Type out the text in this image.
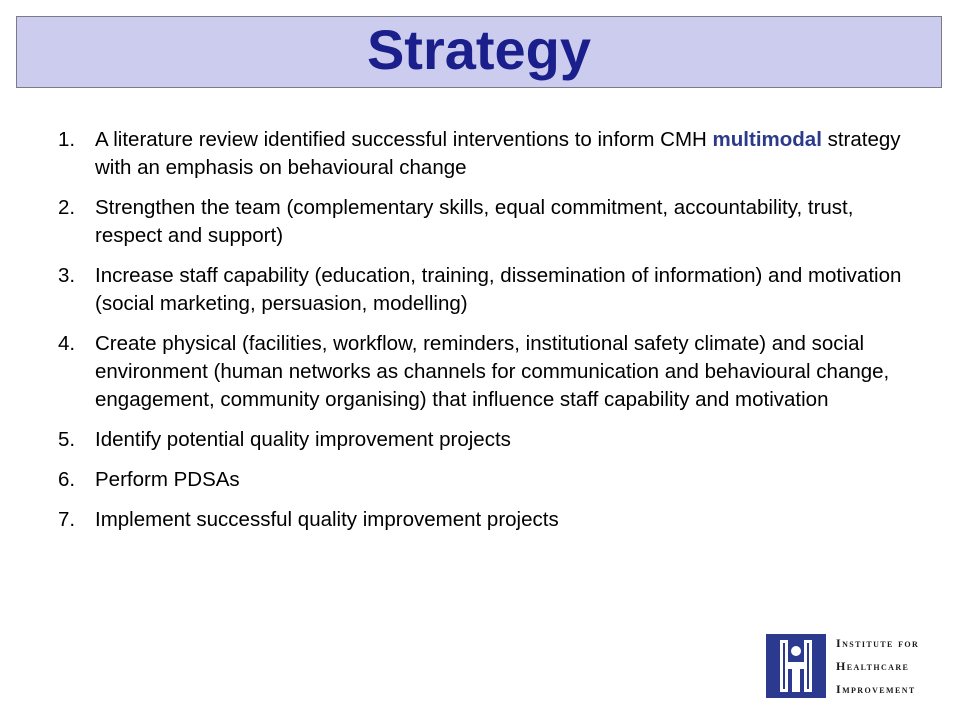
Strategy
1. A literature review identified successful interventions to inform CMH multimodal strategy with an emphasis on behavioural change
2. Strengthen the team (complementary skills, equal commitment, accountability, trust, respect and support)
3. Increase staff capability (education, training, dissemination of information) and motivation (social marketing, persuasion, modelling)
4. Create physical (facilities, workflow, reminders, institutional safety climate) and social environment (human networks as channels for communication and behavioural change, engagement, community organising) that influence staff capability and motivation
5. Identify potential quality improvement projects
6. Perform PDSAs
7. Implement successful quality improvement projects
Institute for
Healthcare
Improvement
